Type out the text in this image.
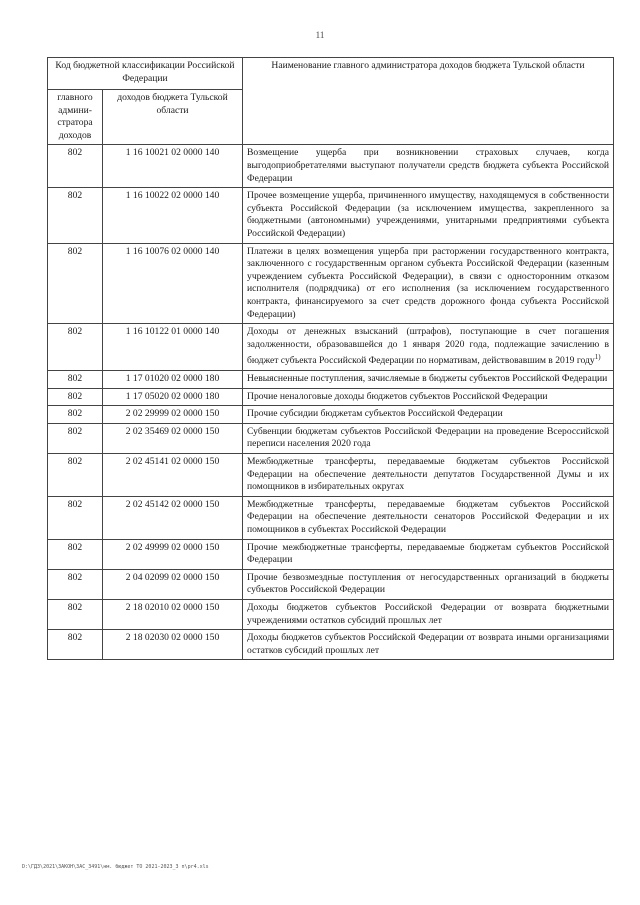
11
Код бюджетной классификации Российской Федерации		Наименование главного администратора доходов бюджета Тульской области
главного админи-стратора доходов	доходов бюджета Тульской области	
802	1 16 10021 02 0000 140	Возмещение ущерба при возникновении страховых случаев, когда выгодоприобретателями выступают получатели средств бюджета субъекта Российской Федерации
802	1 16 10022 02 0000 140	Прочее возмещение ущерба, причиненного имуществу, находящемуся в собственности субъекта Российской Федерации (за исключением имущества, закрепленного за бюджетными (автономными) учреждениями, унитарными предприятиями субъекта Российской Федерации)
802	1 16 10076 02 0000 140	Платежи в целях возмещения ущерба при расторжении государственного контракта, заключенного с государственным органом субъекта Российской Федерации (казенным учреждением субъекта Российской Федерации), в связи с односторонним отказом исполнителя (подрядчика) от его исполнения (за исключением государственного контракта, финансируемого за счет средств дорожного фонда субъекта Российской Федерации)
802	1 16 10122 01 0000 140	Доходы от денежных взысканий (штрафов), поступающие в счет погашения задолженности, образовавшейся до 1 января 2020 года, подлежащие зачислению в бюджет субъекта Российской Федерации по нормативам, действовавшим в 2019 году$^{1)}$
802	1 17 01020 02 0000 180	Невыясненные поступления, зачисляемые в бюджеты субъектов Российской Федерации
802	1 17 05020 02 0000 180	Прочие неналоговые доходы бюджетов субъектов Российской Федерации
802	2 02 29999 02 0000 150	Прочие субсидии бюджетам субъектов Российской Федерации
802	2 02 35469 02 0000 150	Субвенции бюджетам субъектов Российской Федерации на проведение Всероссийской переписи населения 2020 года
802	2 02 45141 02 0000 150	Межбюджетные трансферты, передаваемые бюджетам субъектов Российской Федерации на обеспечение деятельности депутатов Государственной Думы и их помощников в избирательных округах
802	2 02 45142 02 0000 150	Межбюджетные трансферты, передаваемые бюджетам субъектов Российской Федерации на обеспечение деятельности сенаторов Российской Федерации и их помощников в субъектах Российской Федерации
802	2 02 49999 02 0000 150	Прочие межбюджетные трансферты, передаваемые бюджетам субъектов Российской Федерации
802	2 04 02099 02 0000 150	Прочие безвозмездные поступления от негосударственных организаций в бюджеты субъектов Российской Федерации
802	2 18 02010 02 0000 150	Доходы бюджетов субъектов Российской Федерации от возврата бюджетными учреждениями остатков субсидий прошлых лет
802	2 18 02030 02 0000 150	Доходы бюджетов субъектов Российской Федерации от возврата иными организациями остатков субсидий прошлых лет
D:\ГДЗ\2021\ЗАКОН\ЗАС_3491\нм. бюджет ТО 2021-2023_3 п\pr4.xls
